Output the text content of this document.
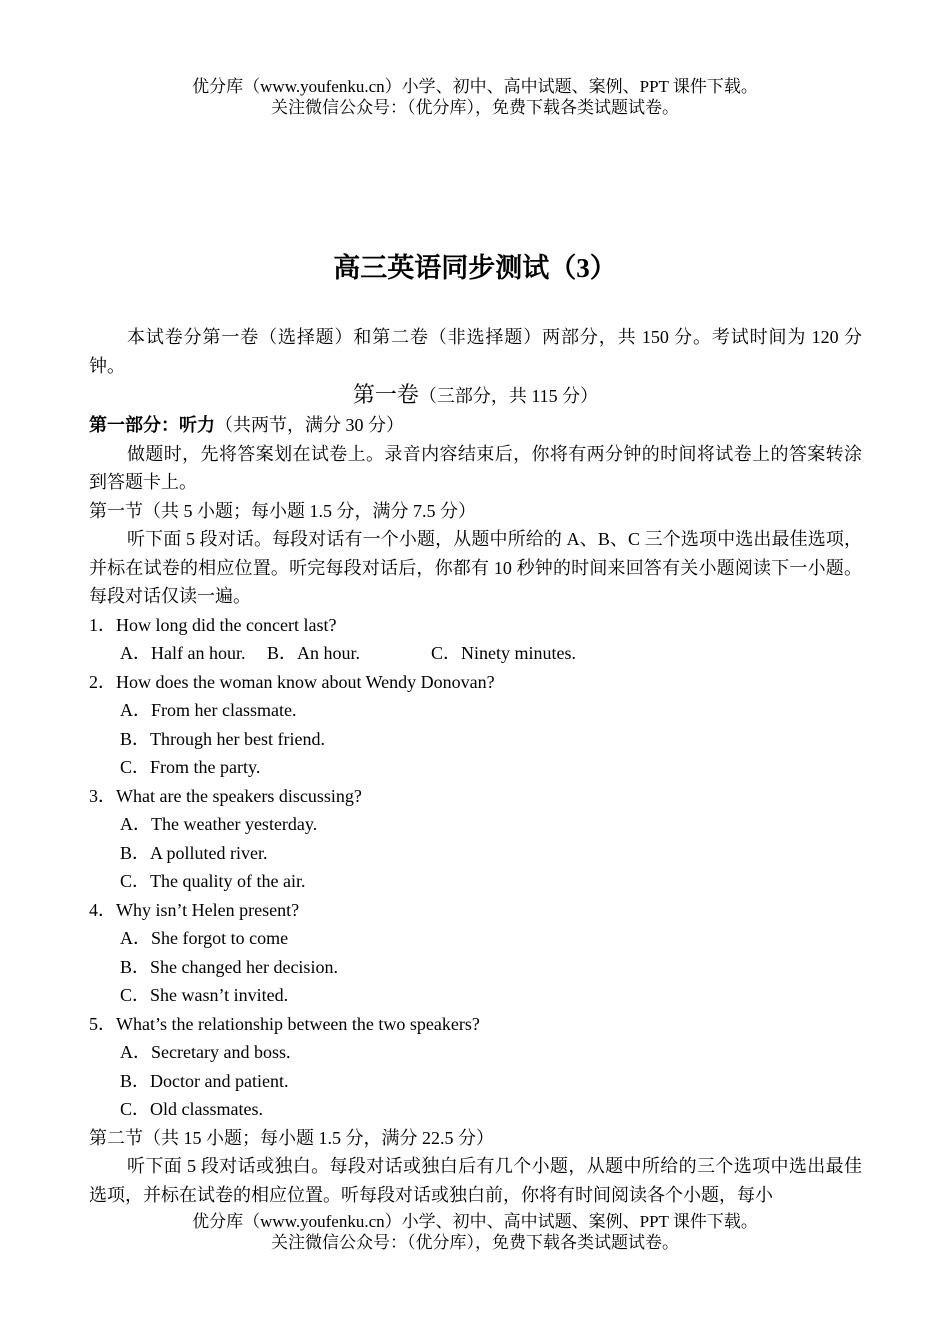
优分库（www.youfenku.cn）小学、初中、高中试题、案例、PPT 课件下载。
关注微信公众号：（优分库），免费下载各类试题试卷。
高三英语同步测试（3）

本试卷分第一卷（选择题）和第二卷（非选择题）两部分，共 150 分。考试时间为 120 分钟。

第一卷（三部分，共 115 分）

第一部分：听力（共两节，满分 30 分）

做题时，先将答案划在试卷上。录音内容结束后，你将有两分钟的时间将试卷上的答案转涂到答题卡上。

第一节（共 5 小题；每小题 1.5 分，满分 7.5 分）

听下面 5 段对话。每段对话有一个小题，从题中所给的 A、B、C 三个选项中选出最佳选项，并标在试卷的相应位置。听完每段对话后，你都有 10 秒钟的时间来回答有关小题阅读下一小题。每段对话仅读一遍。

1．How long did the concert last?

A．Half an hour.	B．An hour.	C．Ninety minutes.

2．How does the woman know about Wendy Donovan?

A．From her classmate.
B．Through her best friend.
C．From the party.

3．What are the speakers discussing?

A．The weather yesterday.
B．A polluted river.
C．The quality of the air.

4．Why isn’t Helen present?

A．She forgot to come
B．She changed her decision.
C．She wasn’t invited.

5．What’s the relationship between the two speakers?

A．Secretary and boss.
B．Doctor and patient.
C．Old classmates.

第二节（共 15 小题；每小题 1.5 分，满分 22.5 分）

听下面 5 段对话或独白。每段对话或独白后有几个小题，从题中所给的三个选项中选出最佳选项，并标在试卷的相应位置。听每段对话或独白前，你将有时间阅读各个小题，每小

优分库（www.youfenku.cn）小学、初中、高中试题、案例、PPT 课件下载。
关注微信公众号：（优分库），免费下载各类试题试卷。
